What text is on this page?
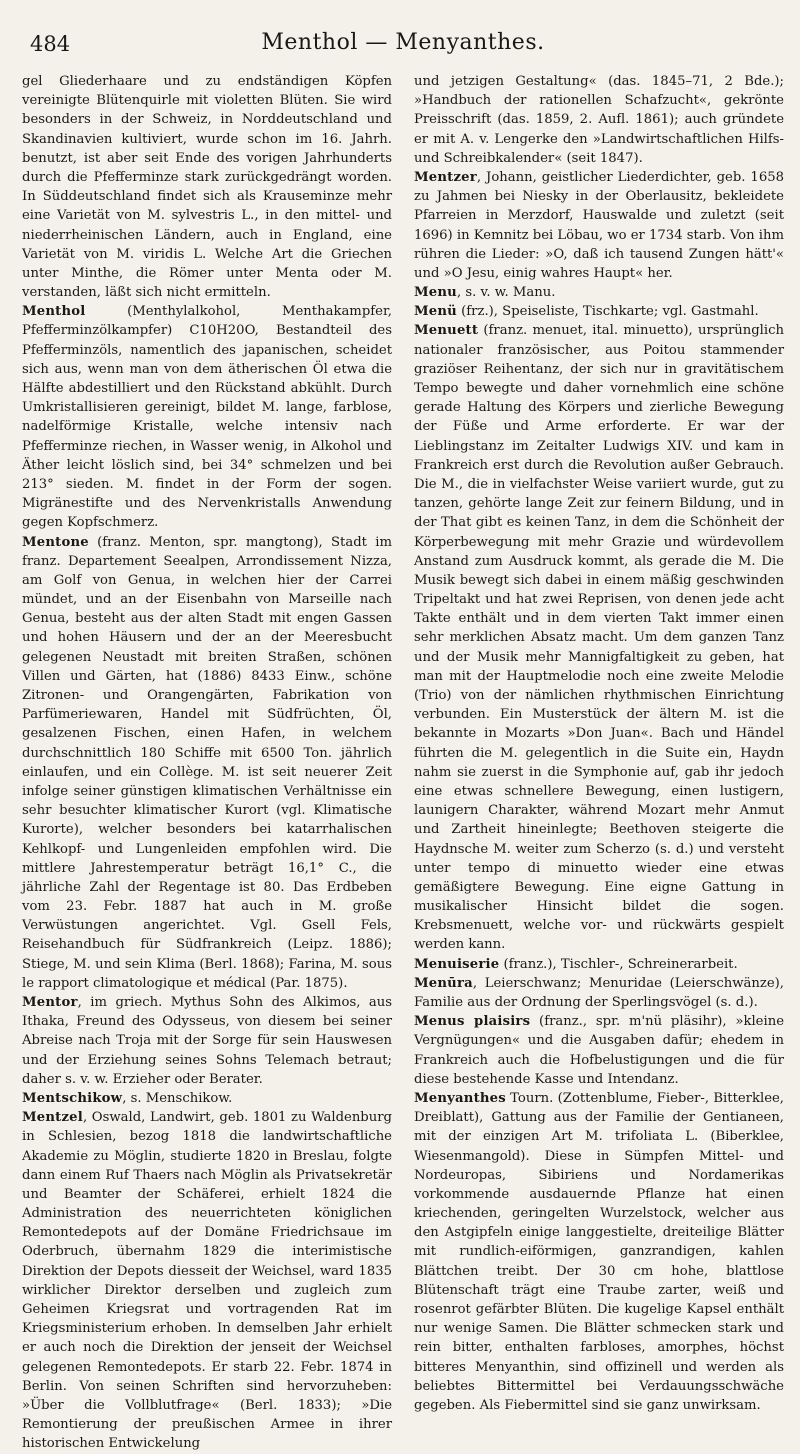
484	Menthol — Menyanthes.

gel Gliederhaare und zu endständigen Köpfen vereinigte Blütenquirle mit violetten Blüten. Sie wird besonders in der Schweiz, in Norddeutschland und Skandinavien kultiviert, wurde schon im 16. Jahrh. benutzt, ist aber seit Ende des vorigen Jahrhunderts durch die Pfefferminze stark zurückgedrängt worden. In Süddeutschland findet sich als Krauseminze mehr eine Varietät von M. sylvestris L., in den mittel- und niederrheinischen Ländern, auch in England, eine Varietät von M. viridis L. Welche Art die Griechen unter Minthe, die Römer unter Menta oder M. verstanden, läßt sich nicht ermitteln.

Menthol (Menthylalkohol, Menthakampfer, Pfefferminzölkampfer) C10H20O, Bestandteil des Pfefferminzöls, namentlich des japanischen, scheidet sich aus, wenn man von dem ätherischen Öl etwa die Hälfte abdestilliert und den Rückstand abkühlt. Durch Umkristallisieren gereinigt, bildet M. lange, farblose, nadelförmige Kristalle, welche intensiv nach Pfefferminze riechen, in Wasser wenig, in Alkohol und Äther leicht löslich sind, bei 34° schmelzen und bei 213° sieden. M. findet in der Form der sogen. Migränestifte und des Nervenkristalls Anwendung gegen Kopfschmerz.

Mentone (franz. Menton, spr. mangtong), Stadt im franz. Departement Seealpen, Arrondissement Nizza, am Golf von Genua, in welchen hier der Carrei mündet, und an der Eisenbahn von Marseille nach Genua, besteht aus der alten Stadt mit engen Gassen und hohen Häusern und der an der Meeresbucht gelegenen Neustadt mit breiten Straßen, schönen Villen und Gärten, hat (1886) 8433 Einw., schöne Zitronen- und Orangengärten, Fabrikation von Parfümeriewaren, Handel mit Südfrüchten, Öl, gesalzenen Fischen, einen Hafen, in welchem durchschnittlich 180 Schiffe mit 6500 Ton. jährlich einlaufen, und ein Collège. M. ist seit neuerer Zeit infolge seiner günstigen klimatischen Verhältnisse ein sehr besuchter klimatischer Kurort (vgl. Klimatische Kurorte), welcher besonders bei katarrhalischen Kehlkopf- und Lungenleiden empfohlen wird. Die mittlere Jahrestemperatur beträgt 16,1° C., die jährliche Zahl der Regentage ist 80. Das Erdbeben vom 23. Febr. 1887 hat auch in M. große Verwüstungen angerichtet. Vgl. Gsell Fels, Reisehandbuch für Südfrankreich (Leipz. 1886); Stiege, M. und sein Klima (Berl. 1868); Farina, M. sous le rapport climatologique et médical (Par. 1875).

Mentor, im griech. Mythus Sohn des Alkimos, aus Ithaka, Freund des Odysseus, von diesem bei seiner Abreise nach Troja mit der Sorge für sein Hauswesen und der Erziehung seines Sohns Telemach betraut; daher s. v. w. Erzieher oder Berater.

Mentschikow, s. Menschikow.

Mentzel, Oswald, Landwirt, geb. 1801 zu Waldenburg in Schlesien, bezog 1818 die landwirtschaftliche Akademie zu Möglin, studierte 1820 in Breslau, folgte dann einem Ruf Thaers nach Möglin als Privatsekretär und Beamter der Schäferei, erhielt 1824 die Administration des neuerrichteten königlichen Remontedepots auf der Domäne Friedrichsaue im Oderbruch, übernahm 1829 die interimistische Direktion der Depots diesseit der Weichsel, ward 1835 wirklicher Direktor derselben und zugleich zum Geheimen Kriegsrat und vortragenden Rat im Kriegsministerium erhoben. In demselben Jahr erhielt er auch noch die Direktion der jenseit der Weichsel gelegenen Remontedepots. Er starb 22. Febr. 1874 in Berlin. Von seinen Schriften sind hervorzuheben: »Über die Vollblutfrage« (Berl. 1833); »Die Remontierung der preußischen Armee in ihrer historischen Entwickelung

und jetzigen Gestaltung« (das. 1845–71, 2 Bde.); »Handbuch der rationellen Schafzucht«, gekrönte Preisschrift (das. 1859, 2. Aufl. 1861); auch gründete er mit A. v. Lengerke den »Landwirtschaftlichen Hilfs- und Schreibkalender« (seit 1847).

Mentzer, Johann, geistlicher Liederdichter, geb. 1658 zu Jahmen bei Niesky in der Oberlausitz, bekleidete Pfarreien in Merzdorf, Hauswalde und zuletzt (seit 1696) in Kemnitz bei Löbau, wo er 1734 starb. Von ihm rühren die Lieder: »O, daß ich tausend Zungen hätt'« und »O Jesu, einig wahres Haupt« her.

Menu, s. v. w. Manu.

Menü (frz.), Speiseliste, Tischkarte; vgl. Gastmahl.

Menuett (franz. menuet, ital. minuetto), ursprünglich nationaler französischer, aus Poitou stammender graziöser Reihentanz, der sich nur in gravitätischem Tempo bewegte und daher vornehmlich eine schöne gerade Haltung des Körpers und zierliche Bewegung der Füße und Arme erforderte. Er war der Lieblingstanz im Zeitalter Ludwigs XIV. und kam in Frankreich erst durch die Revolution außer Gebrauch. Die M., die in vielfachster Weise variiert wurde, gut zu tanzen, gehörte lange Zeit zur feinern Bildung, und in der That gibt es keinen Tanz, in dem die Schönheit der Körperbewegung mit mehr Grazie und würdevollem Anstand zum Ausdruck kommt, als gerade die M. Die Musik bewegt sich dabei in einem mäßig geschwinden Tripeltakt und hat zwei Reprisen, von denen jede acht Takte enthält und in dem vierten Takt immer einen sehr merklichen Absatz macht. Um dem ganzen Tanz und der Musik mehr Mannigfaltigkeit zu geben, hat man mit der Hauptmelodie noch eine zweite Melodie (Trio) von der nämlichen rhythmischen Einrichtung verbunden. Ein Musterstück der ältern M. ist die bekannte in Mozarts »Don Juan«. Bach und Händel führten die M. gelegentlich in die Suite ein, Haydn nahm sie zuerst in die Symphonie auf, gab ihr jedoch eine etwas schnellere Bewegung, einen lustigern, launigern Charakter, während Mozart mehr Anmut und Zartheit hineinlegte; Beethoven steigerte die Haydnsche M. weiter zum Scherzo (s. d.) und versteht unter tempo di minuetto wieder eine etwas gemäßigtere Bewegung. Eine eigne Gattung in musikalischer Hinsicht bildet die sogen. Krebsmenuett, welche vor- und rückwärts gespielt werden kann.

Menuiserie (franz.), Tischler-, Schreinerarbeit.

Menūra, Leierschwanz; Menuridae (Leierschwänze), Familie aus der Ordnung der Sperlingsvögel (s. d.).

Menus plaisirs (franz., spr. m'nü pläsihr), »kleine Vergnügungen« und die Ausgaben dafür; ehedem in Frankreich auch die Hofbelustigungen und die für diese bestehende Kasse und Intendanz.

Menyanthes Tourn. (Zottenblume, Fieber-, Bitterklee, Dreiblatt), Gattung aus der Familie der Gentianeen, mit der einzigen Art M. trifoliata L. (Biberklee, Wiesenmangold). Diese in Sümpfen Mittel- und Nordeuropas, Sibiriens und Nordamerikas vorkommende ausdauernde Pflanze hat einen kriechenden, geringelten Wurzelstock, welcher aus den Astgipfeln einige langgestielte, dreiteilige Blätter mit rundlich-eiförmigen, ganzrandigen, kahlen Blättchen treibt. Der 30 cm hohe, blattlose Blütenschaft trägt eine Traube zarter, weiß und rosenrot gefärbter Blüten. Die kugelige Kapsel enthält nur wenige Samen. Die Blätter schmecken stark und rein bitter, enthalten farbloses, amorphes, höchst bitteres Menyanthin, sind offizinell und werden als beliebtes Bittermittel bei Verdauungsschwäche gegeben. Als Fiebermittel sind sie ganz unwirksam.
